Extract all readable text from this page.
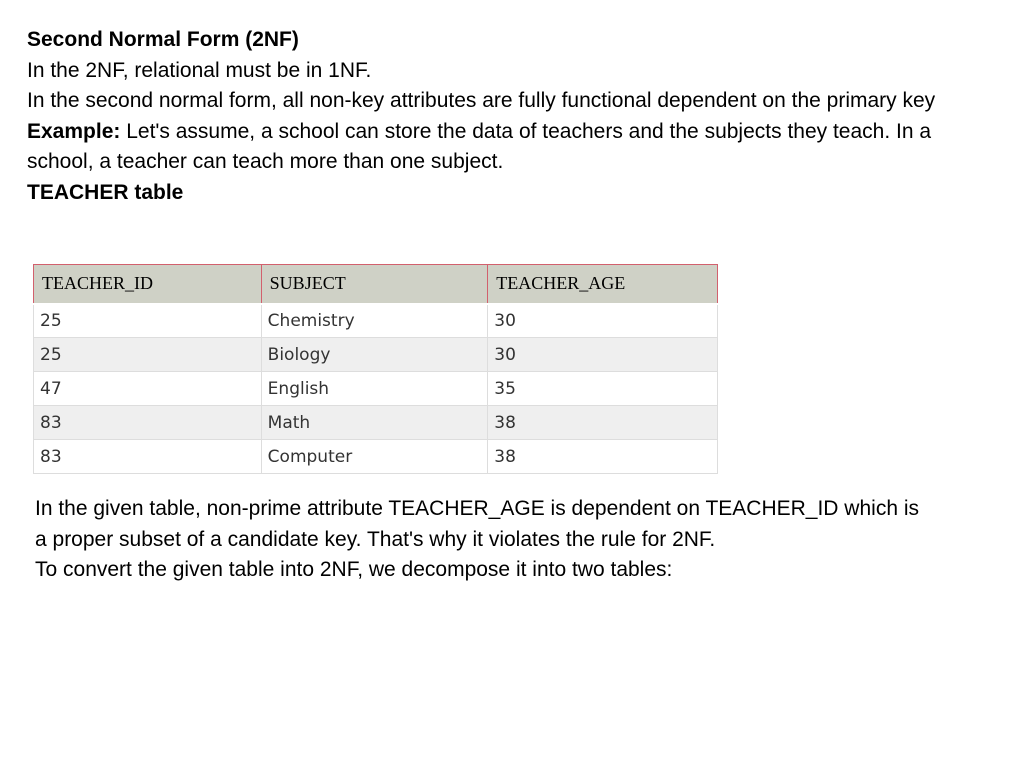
Second Normal Form (2NF)

In the 2NF, relational must be in 1NF.

In the second normal form, all non-key attributes are fully functional dependent on the primary key

Example: Let's assume, a school can store the data of teachers and the subjects they teach. In a school, a teacher can teach more than one subject.

TEACHER table

TEACHER_ID	SUBJECT	TEACHER_AGE
25	Chemistry	30
25	Biology	30
47	English	35
83	Math	38
83	Computer	38

In the given table, non-prime attribute TEACHER_AGE is dependent on TEACHER_ID which is a proper subset of a candidate key. That's why it violates the rule for 2NF.

To convert the given table into 2NF, we decompose it into two tables:
